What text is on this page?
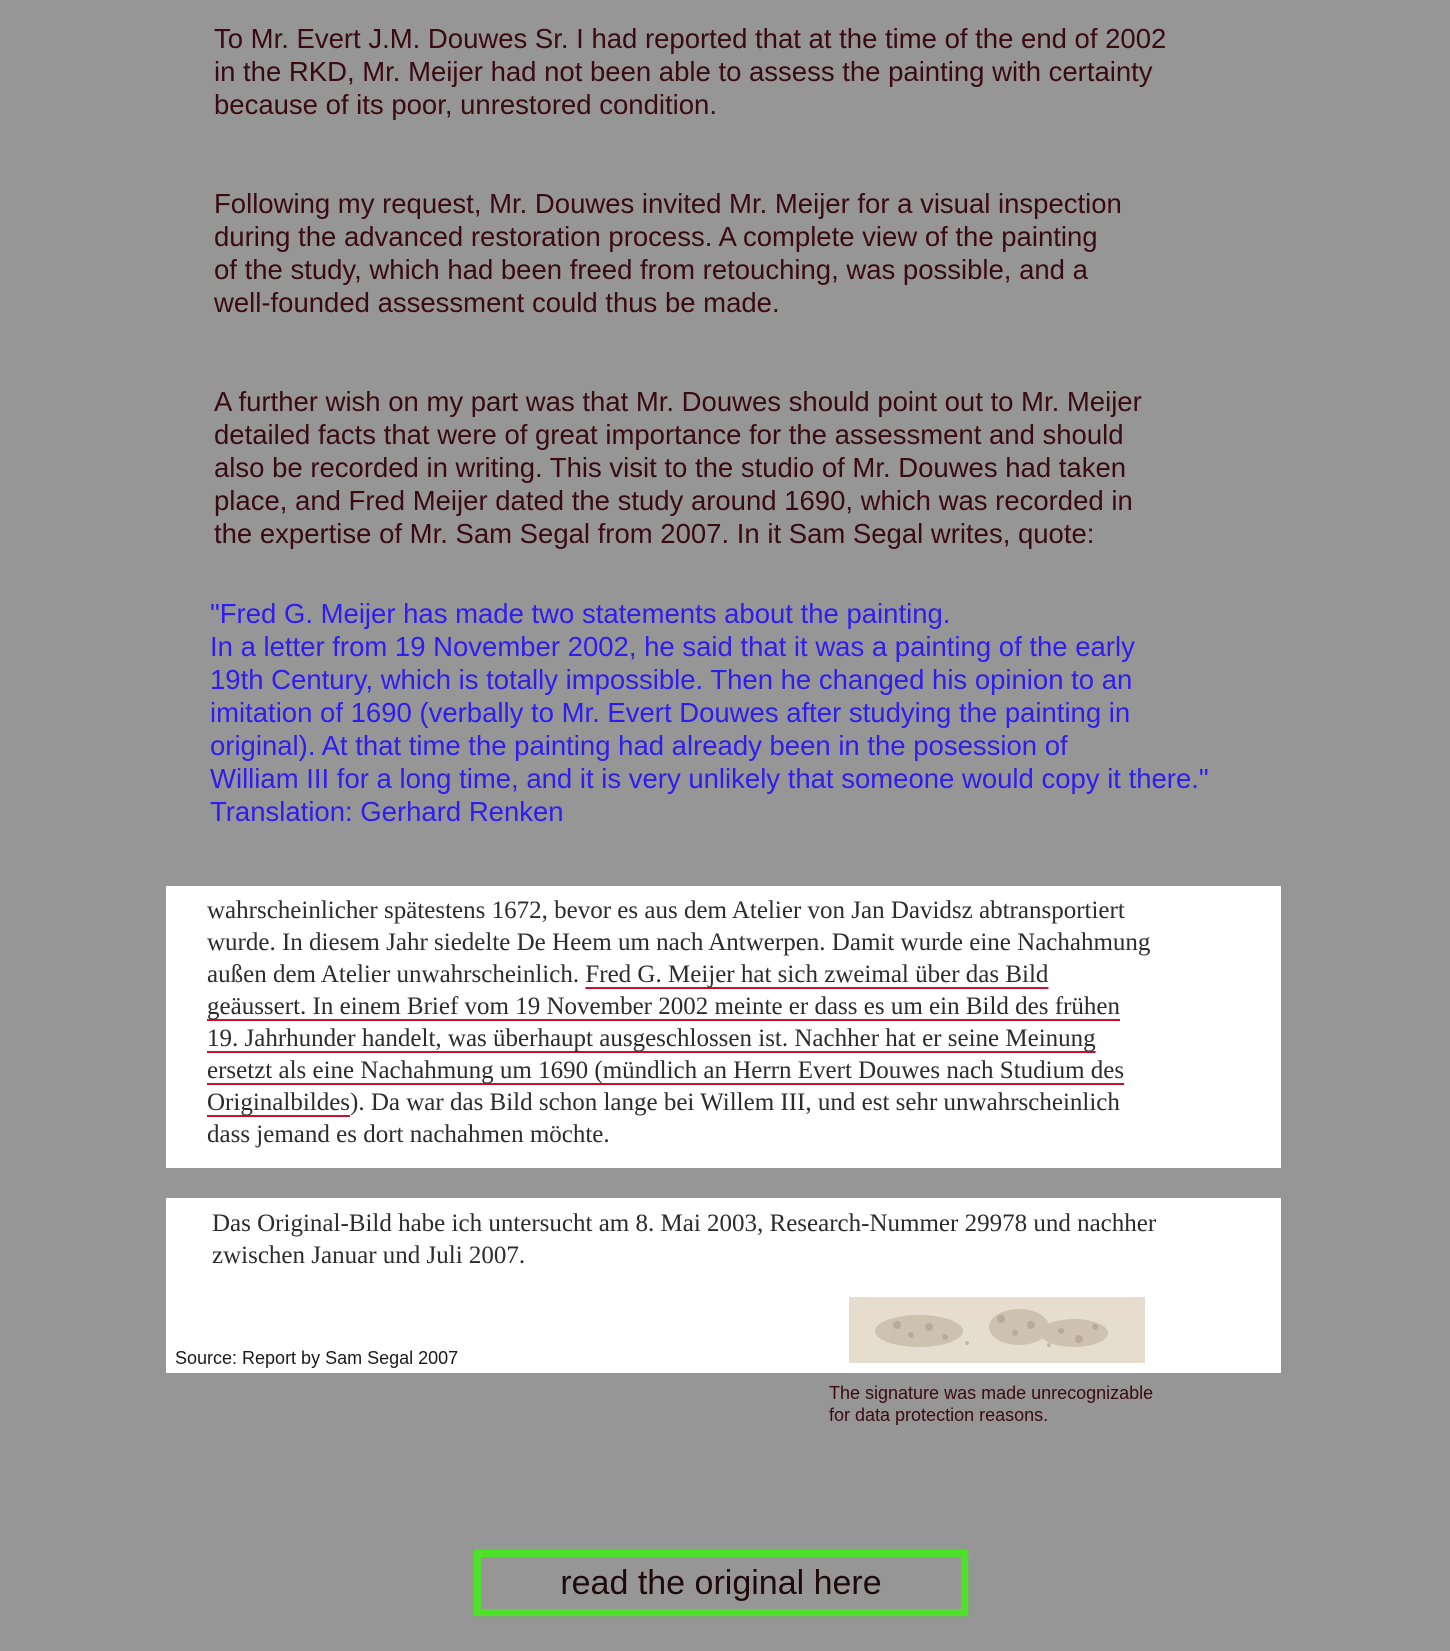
To Mr. Evert J.M. Douwes Sr. I had reported that at the time of the end of 2002
in the RKD, Mr. Meijer had not been able to assess the painting with certainty
because of its poor, unrestored condition.

Following my request, Mr. Douwes invited Mr. Meijer for a visual inspection
during the advanced restoration process. A complete view of the painting
of the study, which had been freed from retouching, was possible, and a
well-founded assessment could thus be made.

A further wish on my part was that Mr. Douwes should point out to Mr. Meijer
detailed facts that were of great importance for the assessment and should
also be recorded in writing. This visit to the studio of Mr. Douwes had taken
place, and Fred Meijer dated the study around 1690, which was recorded in
the expertise of Mr. Sam Segal from 2007. In it Sam Segal writes, quote:

"Fred G. Meijer has made two statements about the painting.
In a letter from 19 November 2002, he said that it was a painting of the early
19th Century, which is totally impossible. Then he changed his opinion to an
imitation of 1690 (verbally to Mr. Evert Douwes after studying the painting in
original). At that time the painting had already been in the posession of
William III for a long time, and it is very unlikely that someone would copy it there."
Translation: Gerhard Renken
wahrscheinlicher spätestens 1672, bevor es aus dem Atelier von Jan Davidsz abtransportiert
wurde. In diesem Jahr siedelte De Heem um nach Antwerpen. Damit wurde eine Nachahmung
außen dem Atelier unwahrscheinlich. Fred G. Meijer hat sich zweimal über das Bild
geäussert. In einem Brief vom 19 November 2002 meinte er dass es um ein Bild des frühen
19. Jahrhunder handelt, was überhaupt ausgeschlossen ist. Nachher hat er seine Meinung
ersetzt als eine Nachahmung um 1690 (mündlich an Herrn Evert Douwes nach Studium des
Originalbildes). Da war das Bild schon lange bei Willem III, und est sehr unwahrscheinlich
dass jemand es dort nachahmen möchte.
Das Original-Bild habe ich untersucht am 8. Mai 2003, Research-Nummer 29978 und nachher
zwischen Januar und Juli 2007.
Source: Report by Sam Segal 2007
The signature was made unrecognizable
for data protection reasons.
read the original here
